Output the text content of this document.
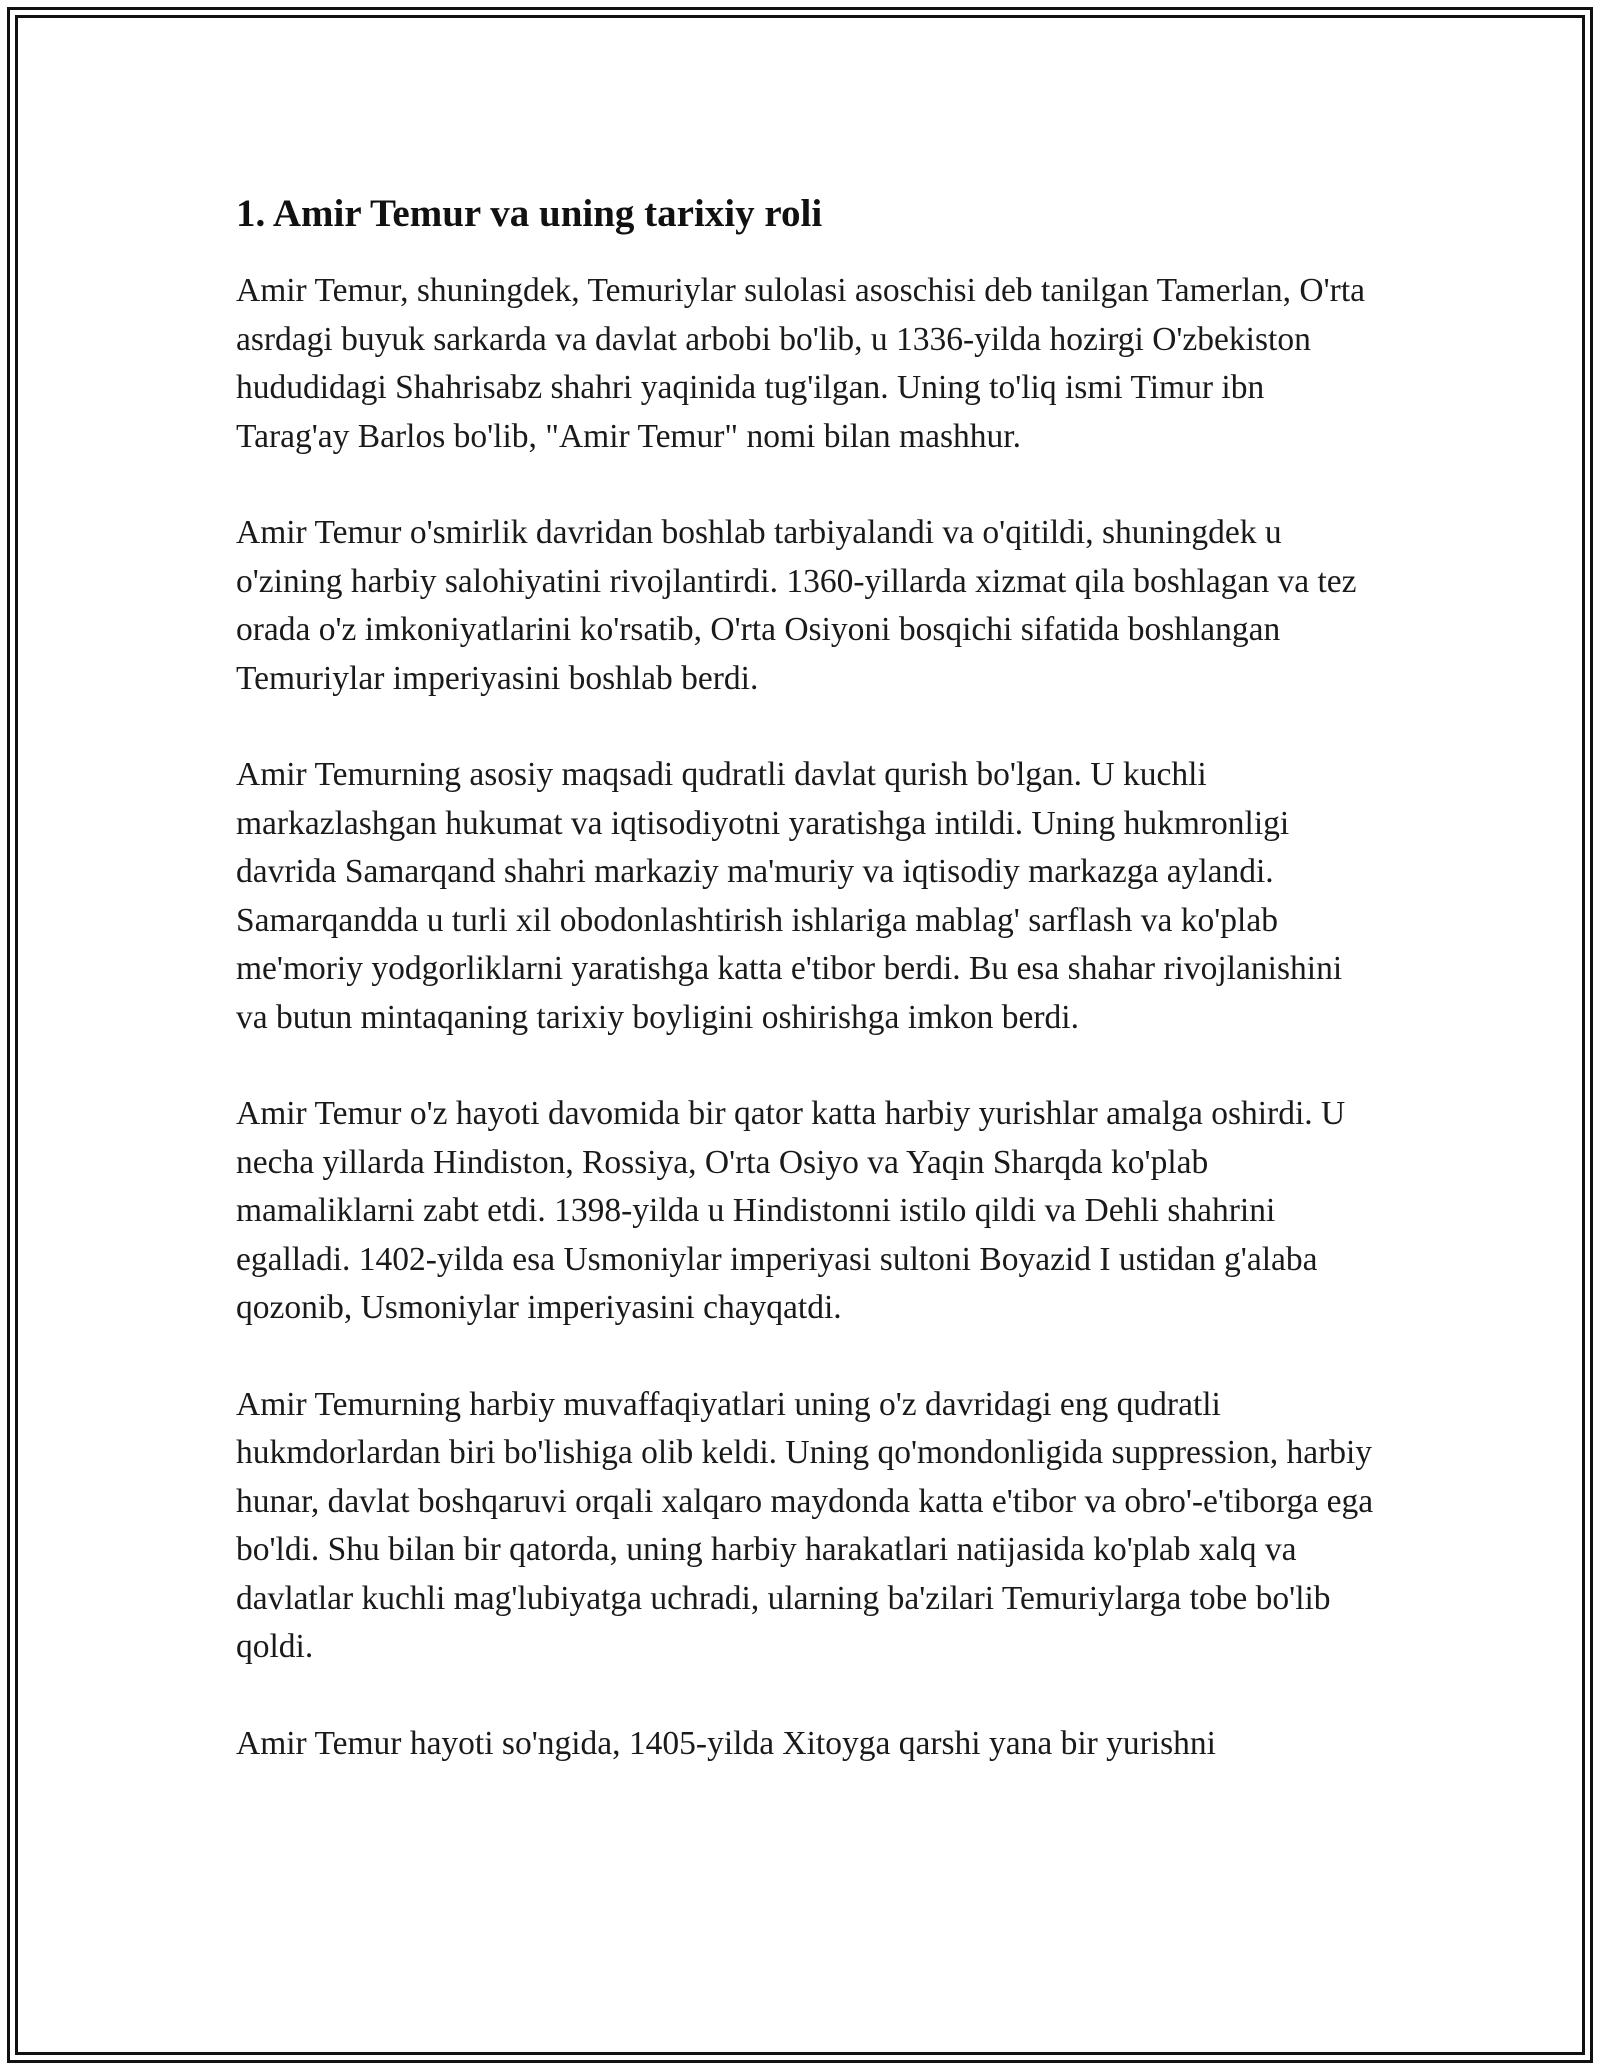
1. Amir Temur va uning tarixiy roli

Amir Temur, shuningdek, Temuriylar sulolasi asoschisi deb tanilgan Tamerlan, O'rta asrdagi buyuk sarkarda va davlat arbobi bo'lib, u 1336-yilda hozirgi O'zbekiston hududidagi Shahrisabz shahri yaqinida tug'ilgan. Uning to'liq ismi Timur ibn Tarag'ay Barlos bo'lib, "Amir Temur" nomi bilan mashhur.

Amir Temur o'smirlik davridan boshlab tarbiyalandi va o'qitildi, shuningdek u o'zining harbiy salohiyatini rivojlantirdi. 1360-yillarda xizmat qila boshlagan va tez orada o'z imkoniyatlarini ko'rsatib, O'rta Osiyoni bosqichi sifatida boshlangan Temuriylar imperiyasini boshlab berdi.

Amir Temurning asosiy maqsadi qudratli davlat qurish bo'lgan. U kuchli markazlashgan hukumat va iqtisodiyotni yaratishga intildi. Uning hukmronligi davrida Samarqand shahri markaziy ma'muriy va iqtisodiy markazga aylandi. Samarqandda u turli xil obodonlashtirish ishlariga mablag' sarflash va ko'plab me'moriy yodgorliklarni yaratishga katta e'tibor berdi. Bu esa shahar rivojlanishini va butun mintaqaning tarixiy boyligini oshirishga imkon berdi.

Amir Temur o'z hayoti davomida bir qator katta harbiy yurishlar amalga oshirdi. U necha yillarda Hindiston, Rossiya, O'rta Osiyo va Yaqin Sharqda ko'plab mamaliklarni zabt etdi. 1398-yilda u Hindistonni istilo qildi va Dehli shahrini egalladi. 1402-yilda esa Usmoniylar imperiyasi sultoni Boyazid I ustidan g'alaba qozonib, Usmoniylar imperiyasini chayqatdi.

Amir Temurning harbiy muvaffaqiyatlari uning o'z davridagi eng qudratli hukmdorlardan biri bo'lishiga olib keldi. Uning qo'mondonligida suppression, harbiy hunar, davlat boshqaruvi orqali xalqaro maydonda katta e'tibor va obro'-e'tiborga ega bo'ldi. Shu bilan bir qatorda, uning harbiy harakatlari natijasida ko'plab xalq va davlatlar kuchli mag'lubiyatga uchradi, ularning ba'zilari Temuriylarga tobe bo'lib qoldi.

Amir Temur hayoti so'ngida, 1405-yilda Xitoyga qarshi yana bir yurishni
